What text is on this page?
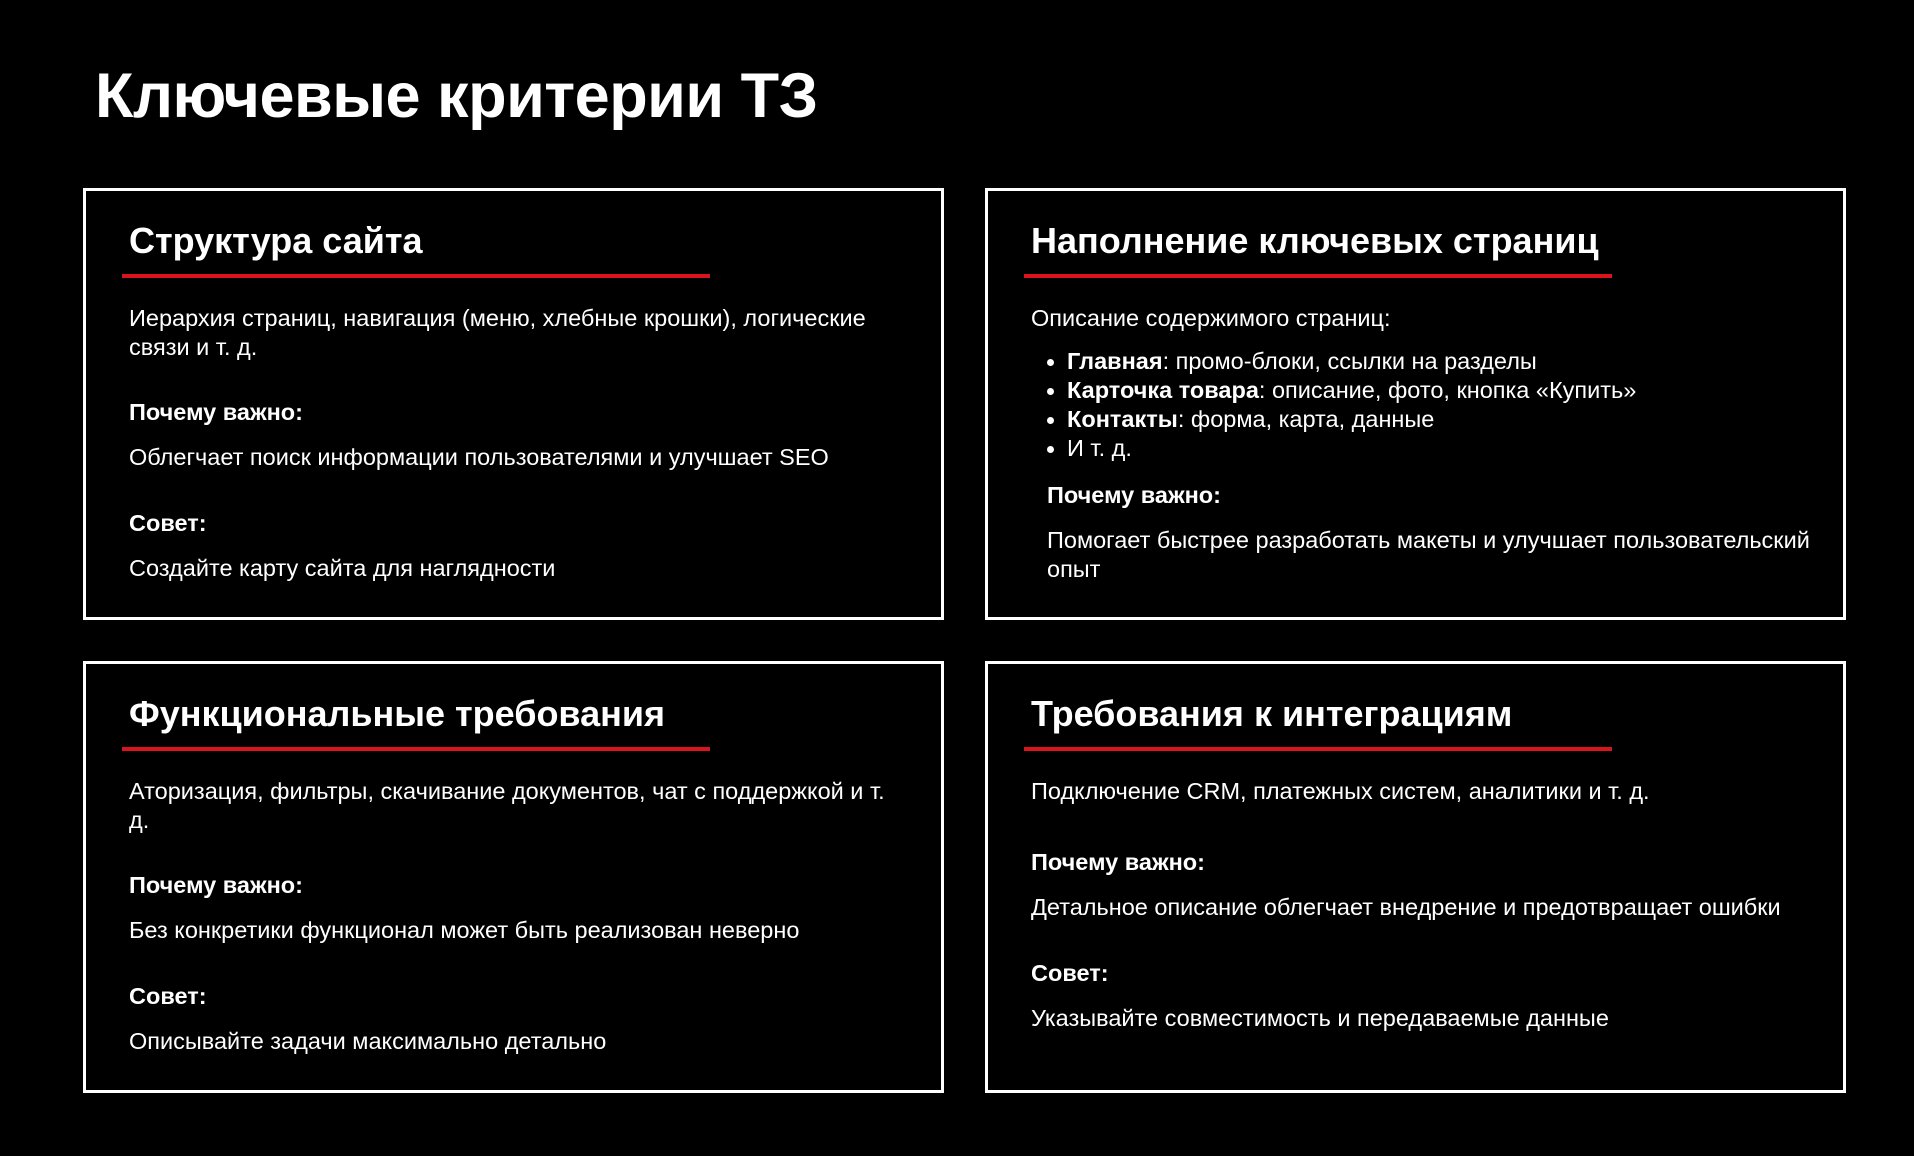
Ключевые критерии ТЗ
Структура сайта

Иерархия страниц, навигация (меню, хлебные крошки), логические связи и т. д.

Почему важно:

Облегчает поиск информации пользователями и улучшает SEO

Совет:

Создайте карту сайта для наглядности

Наполнение ключевых страниц

Описание содержимого страниц:

Главная: промо-блоки, ссылки на разделы
Карточка товара: описание, фото, кнопка «Купить»
Контакты: форма, карта, данные
И т. д.

Почему важно:

Помогает быстрее разработать макеты и улучшает пользовательский опыт

Функциональные требования

Аторизация, фильтры, скачивание документов, чат с поддержкой и т. д.

Почему важно:

Без конкретики функционал может быть реализован неверно

Совет:

Описывайте задачи максимально детально

Требования к интеграциям

Подключение CRM, платежных систем, аналитики и т. д.

Почему важно:

Детальное описание облегчает внедрение и предотвращает ошибки

Совет:

Указывайте совместимость и передаваемые данные
